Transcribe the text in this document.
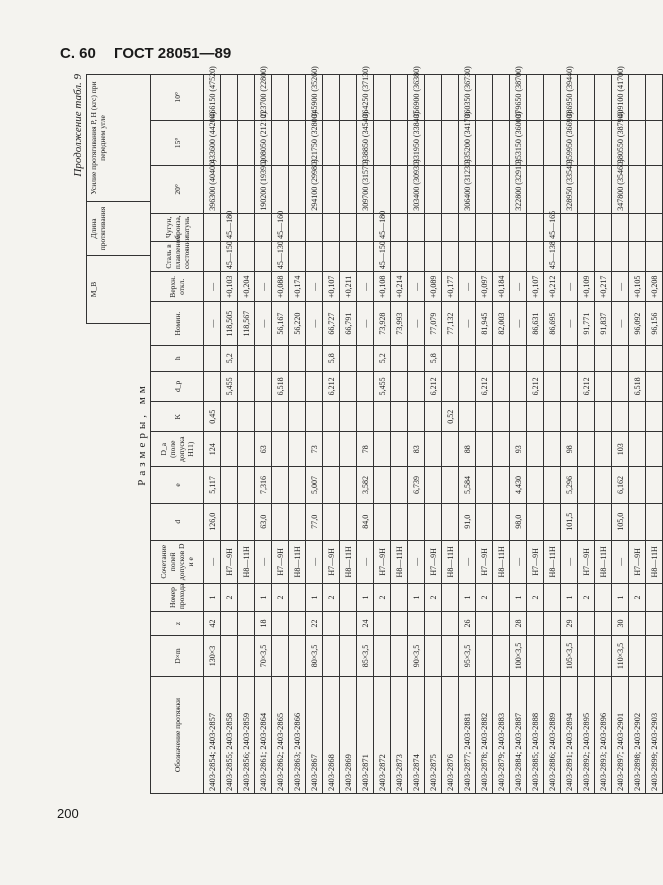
С. 60 ГОСТ 28051—89
Продолжение табл. 9
M_B
Длина протягивания
Усилие протягивания P, Н (кгс) при переднем угле
Размеры, мм
Обозначение протяжки	D×m	z	Номер прохода	Сочетание полей допусков D и e	d	e	D_a (поле допуска H11)	K	d_p	h	Номин.	Верхн. откл.	Сталь в плавленом состоянии	Чугун, бронза, латунь	20°	15°	10°
2403-2854; 2403-2857	130×3	42	1	—	126,0	5,117	124	0,45			—	—			396300 (40400)	433600 (44200)	466150 (47520)
2403-2855; 2403-2858			2	H7—9H					5,455	5,2	118,505	+0,103	45—150	45—180			
2403-2856; 2403-2859				H8—11H							118,567	+0,204					
2403-2861; 2403-2864	70×3,5	18	1	—	63,0	7,316	63				—	—			190200 (19390)	208050 (21210)	223700 (22800)
2403-2862; 2403-2865			2	H7—9H					6,518		56,167	+0,088	45—130	45—160			
2403-2863; 2403-2866				H8—11H							56,220	+0,174					
2403-2867	80×3,5	22	1	—	77,0	5,007	73				—	—			294100 (29980)	321750 (32800)	345900 (35260)
2403-2868			2	H7—9H					6,212	5,8	66,727	+0,107					
2403-2869				H8—11H							66,791	+0,211					
2403-2871	85×3,5	24	1	—	84,0	3,582	78				—	—			309700 (31570)	338850 (34540)	364250 (37130)
2403-2872			2	H7—9H					5,455	5,2	73,928	+0,108	45—150	45—180			
2403-2873				H8—11H							73,993	+0,214					
2403-2874	90×3,5		1	—		6,739	83				—	—			303400 (30930)	331950 (33840)	356900 (36380)
2403-2875			2	H7—9H					6,212	5,8	77,079	+0,089					
2403-2876				H8—11H				0,52			77,132	+0,177					
2403-2877; 2403-2881	95×3,5	26	1	—	91,0	5,584	88				—	—			306400 (31230)	335200 (34170)	360350 (36730)
2403-2878; 2403-2882			2	H7—9H					6,212		81,945	+0,097					
2403-2879; 2403-2883				H8—11H							82,003	+0,184					
2403-2884; 2403-2887	100×3,5	28	1	—	98,0	4,430	93				—	—			322800 (32910)	353150 (36000)	379650 (38700)
2403-2885; 2403-2888			2	H7—9H					6,212		86,631	+0,107					
2403-2886; 2403-2889				H8—11H							86,695	+0,212	45—138	45—165			
2403-2891; 2403-2894	105×3,5	29	1	—	101,5	5,296	98				—	—			328950 (33540)	359950 (36690)	386950 (39440)
2403-2892; 2403-2895			2	H7—9H					6,212		91,771	+0,109					
2403-2893; 2403-2896				H8—11H							91,837	+0,217					
2403-2897; 2403-2901	110×3,5	30	1	—	105,0	6,162	103				—	—			347800 (35460)	380550 (38790)	409100 (41700)
2403-2898; 2403-2902			2	H7—9H					6,518		96,092	+0,105					
2403-2899; 2403-2903				H8—11H							96,156	+0,208					
200
